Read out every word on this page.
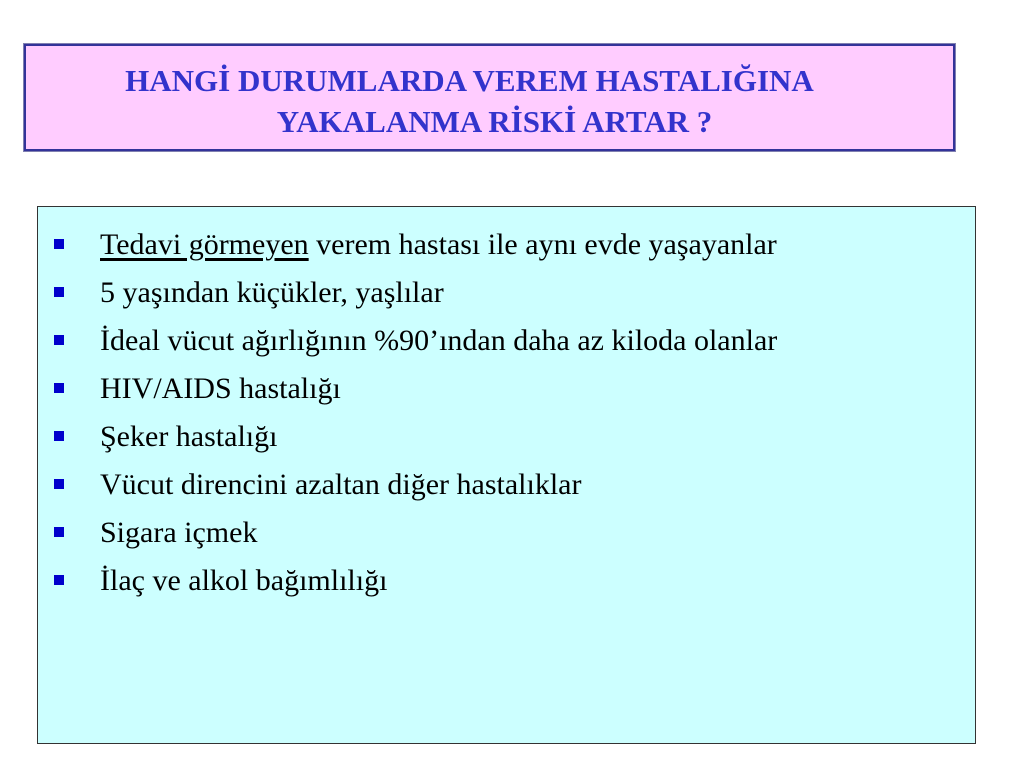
HANGİ DURUMLARDA VEREM HASTALIĞINA
YAKALANMA RİSKİ ARTAR ?
Tedavi görmeyen verem hastası ile aynı evde yaşayanlar
5 yaşından küçükler, yaşlılar
İdeal vücut ağırlığının %90’ından daha az kiloda olanlar
HIV/AIDS hastalığı
Şeker hastalığı
Vücut direncini azaltan diğer hastalıklar
Sigara içmek
İlaç ve alkol bağımlılığı
